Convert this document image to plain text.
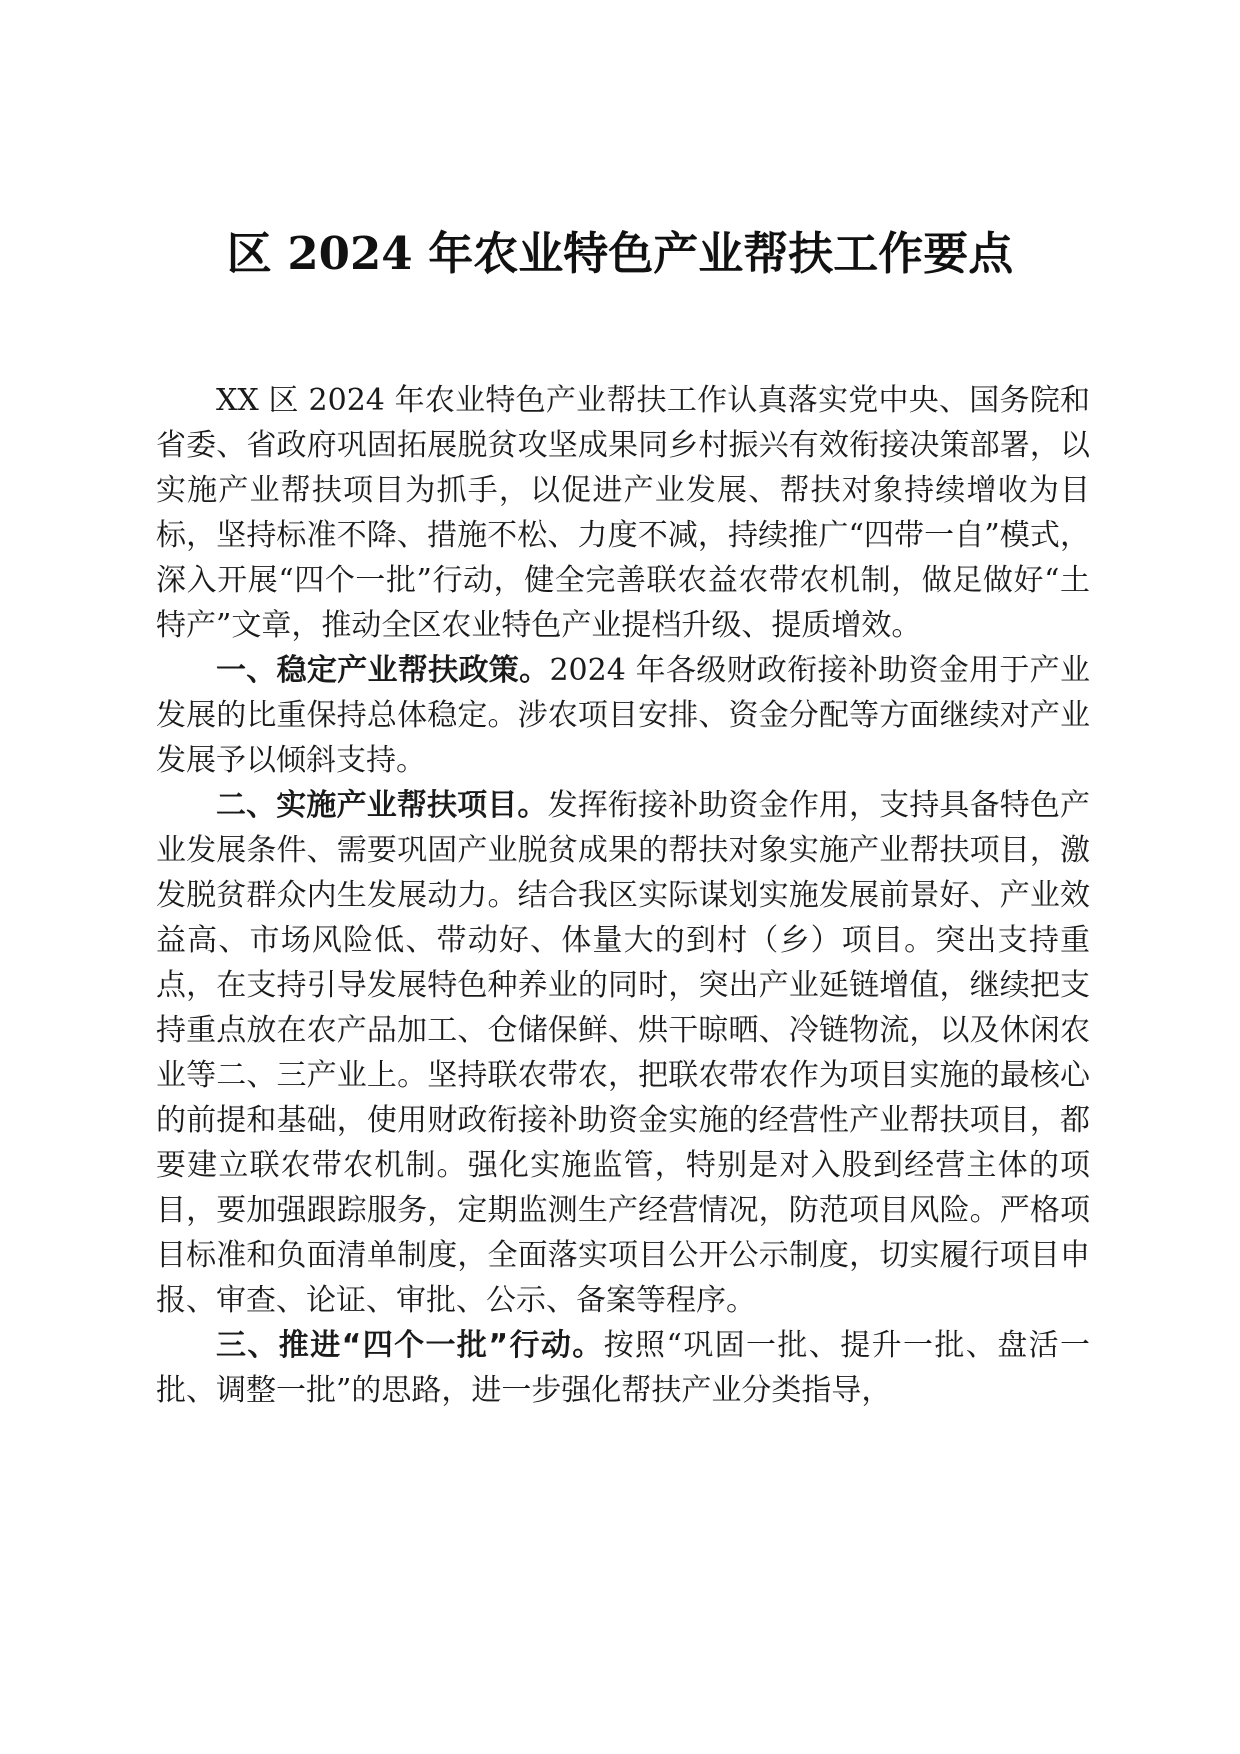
区 2024 年农业特色产业帮扶工作要点

XX 区 2024 年农业特色产业帮扶工作认真落实党中央、国务院和省委、省政府巩固拓展脱贫攻坚成果同乡村振兴有效衔接决策部署，以实施产业帮扶项目为抓手，以促进产业发展、帮扶对象持续增收为目标，坚持标准不降、措施不松、力度不减，持续推广“四带一自”模式，深入开展“四个一批”行动，健全完善联农益农带农机制，做足做好“土特产”文章，推动全区农业特色产业提档升级、提质增效。

一、稳定产业帮扶政策。2024 年各级财政衔接补助资金用于产业发展的比重保持总体稳定。涉农项目安排、资金分配等方面继续对产业发展予以倾斜支持。

二、实施产业帮扶项目。发挥衔接补助资金作用，支持具备特色产业发展条件、需要巩固产业脱贫成果的帮扶对象实施产业帮扶项目，激发脱贫群众内生发展动力。结合我区实际谋划实施发展前景好、产业效益高、市场风险低、带动好、体量大的到村（乡）项目。突出支持重点，在支持引导发展特色种养业的同时，突出产业延链增值，继续把支持重点放在农产品加工、仓储保鲜、烘干晾晒、冷链物流，以及休闲农业等二、三产业上。坚持联农带农，把联农带农作为项目实施的最核心的前提和基础，使用财政衔接补助资金实施的经营性产业帮扶项目，都要建立联农带农机制。强化实施监管，特别是对入股到经营主体的项目，要加强跟踪服务，定期监测生产经营情况，防范项目风险。严格项目标准和负面清单制度，全面落实项目公开公示制度，切实履行项目申报、审查、论证、审批、公示、备案等程序。

三、推进“四个一批”行动。按照“巩固一批、提升一批、盘活一批、调整一批”的思路，进一步强化帮扶产业分类指导，
